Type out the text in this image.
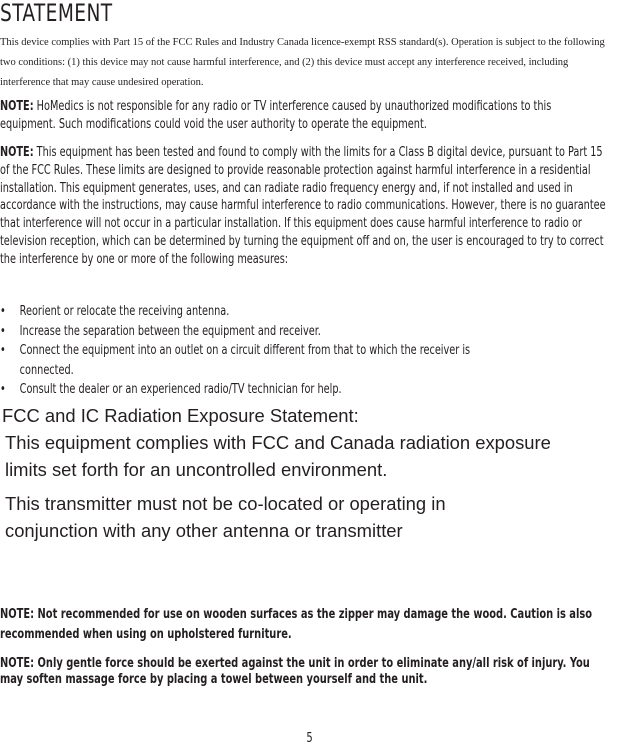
STATEMENT
This device complies with Part 15 of the FCC Rules and Industry Canada licence-exempt RSS standard(s). Operation is subject to the following two conditions: (1) this device may not cause harmful interference, and (2) this device must accept any interference received, including interference that may cause undesired operation.
NOTE: HoMedics is not responsible for any radio or TV interference caused by unauthorized modifications to this equipment. Such modifications could void the user authority to operate the equipment.
NOTE: This equipment has been tested and found to comply with the limits for a Class B digital device, pursuant to Part 15 of the FCC Rules. These limits are designed to provide reasonable protection against harmful interference in a residential installation. This equipment generates, uses, and can radiate radio frequency energy and, if not installed and used in accordance with the instructions, may cause harmful interference to radio communications. However, there is no guarantee that interference will not occur in a particular installation. If this equipment does cause harmful interference to radio or television reception, which can be determined by turning the equipment off and on, the user is encouraged to try to correct the interference by one or more of the following measures:
• Reorient or relocate the receiving antenna.
• Increase the separation between the equipment and receiver.
• Connect the equipment into an outlet on a circuit different from that to which the receiver is connected.
• Consult the dealer or an experienced radio/TV technician for help.
FCC and IC Radiation Exposure Statement:
This equipment complies with FCC and Canada radiation exposure
limits set forth for an uncontrolled environment.
This transmitter must not be co-located or operating in
conjunction with any other antenna or transmitter
NOTE: Not recommended for use on wooden surfaces as the zipper may damage the wood. Caution is also recommended when using on upholstered furniture.
NOTE: Only gentle force should be exerted against the unit in order to eliminate any/all risk of injury. You may soften massage force by placing a towel between yourself and the unit.
5
